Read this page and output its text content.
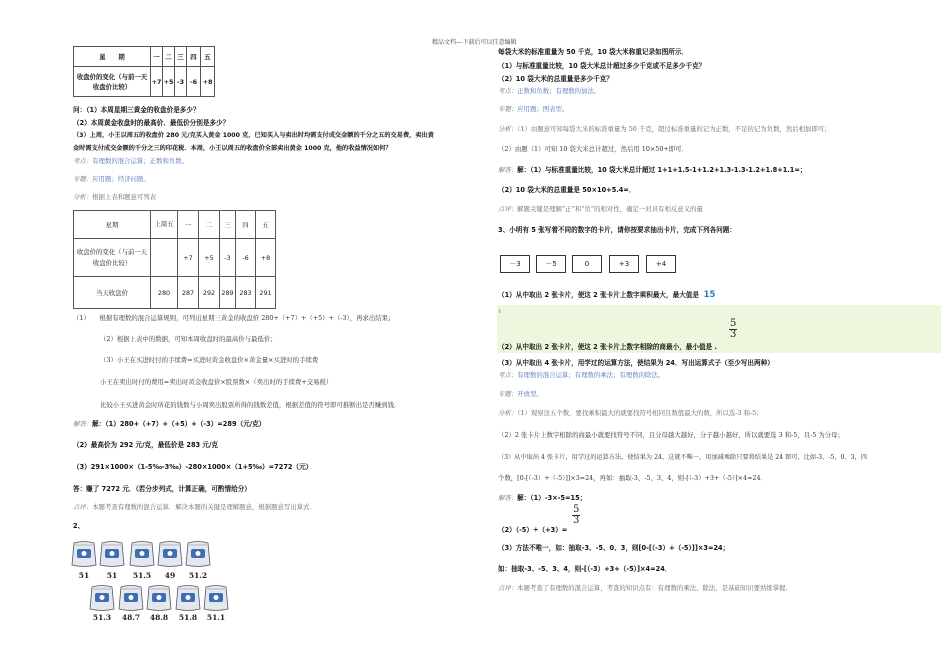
精品文档---下载后可以任意编辑
星　　期	一	二	三	四	五
收盘价的变化（与前一天收盘价比较）	+7	+5	-3	-6	+8
问：（1）本周星期三黄金的收盘价是多少？
（2）本周黄金收盘时的最高价、最低价分别是多少？
（3）上周，小王以周五的收盘价 280 元/克买入黄金 1000 克，已知买入与卖出时均需支付成交金额的千分之五的交易费，卖出黄
金时需支付成交金额的千分之三的印花税．本周，小王以周五的收盘价全部卖出黄金 1000 克，他的收益情况如何？
考点：有理数的混合运算；正数和负数。
专题：应用题；经济问题。
分析：根据上表和题意可列表
星期	上周五	一	二	三	四	五
收盘价的变化（与前一天收盘价比较）		+7	+5	-3	-6	+8
当天收盘价	280	287	292	289	283	291
（1）　　根据有理数的混合运算规则，可列出星期三黄金的收盘价 280+（+7）+（+5）+（-3），再求出结果；
（2）根据上表中的数据，可知本周收盘时的最高价与最低价；
（3）小王在买进时付的手续费=买进时黄金收盘价×黄金量×买进时的手续费
小王在卖出时付的费用=卖出时黄金收盘价×股票数×（卖出时的手续费+交易税）
比较小王买进黄金时所花的钱数与小周卖出股票所得的钱数差值，根据差值的符号即可推断出是否赚到钱．
解答：解：（1）280+（+7）+（+5）+（-3）=289（元/克）
（2）最高价为 292 元/克，最低价是 283 元/克
（3）291×1000×（1-5‰-3‰）-280×1000×（1+5‰）=7272（元）
答：赚了 7272 元．（若分步列式，计算正确，可酌情给分）
点评：本题考查有理数的混合运算．解决本题的关键是理解题意，根据题意写出算式．
2、
51	51	51.5	49	51.2
51.3	48.7	48.8	51.8	51.1
每袋大米的标准重量为 50 千克，10 袋大米称重记录如图所示．
（1）与标准重量比较，10 袋大米总计超过多少千克或不足多少千克？
（2）10 袋大米的总重量是多少千克？
考点：正数和负数；有理数的加法。
专题：应用题；图表型。
分析：（1）由题意可知每袋大米的标准重量为 50 千克，超过标准重量的记为正数，不足的记为负数，然后相加即可；
（2）由题（1）可知 10 袋大米总计超过，然后用 10×50+即可．
解答：解：（1）与标准重量比较，10 袋大米总计超过 1+1+1.5-1+1.2+1.3-1.3-1.2+1.8+1.1=；
（2）10 袋大米的总重量是 50×10+5.4=．
点评：解题关键是理解“正”和“负”的相对性，确定一对具有相反意义的量
3、小明有 5 张写着不同的数字的卡片，请你按要求抽出卡片，完成下列各问题：
－3	－5	0	+3	+4
（1）从中取出 2 张卡片，使这 2 张卡片上数字乘积最大，最大值是 15
ı
$\frac{5}{3}$
（2）从中取出 2 张卡片，使这 2 张卡片上数字相除的商最小，最小值是 .
（3）从中取出 4 张卡片，用学过的运算方法，使结果为 24．写出运算式子（至少写出两种）
考点：有理数的混合运算；有理数的乘法；有理数的除法。
专题：开放型。
分析：（1）观察这五个数，要找乘积最大的就要找符号相同且数值最大的数，所以选-3 和-5；
（2）2 张卡片上数字相除的商最小就要找符号不同，且分母越大越好，分子越小越好，所以就要选 3 和-5，且-5 为分母；
（3）从中取出 4 张卡片，用学过的运算方法，使结果为 24，这就不唯一，用加减乘除只要将结果是 24 即可，比如-3、-5、0、3，四
个数，[0-[（-3）+（-5）]]×3=24，再如：抽取-3、-5、3、4，则-[（-3）+3+（-5）]×4=24．
解答：解：（1）-3×-5=15；
（2）（-5）÷（+3）=
$\frac{5}{3}$
（3）方法不唯一，如：抽取-3、-5、0、3，则[0-[（-3）+（-5）]]×3=24；
如：抽取-3、-5、3、4，则-[（-3）+3+（-5）]×4=24．
点评：本题考查了有理数的混合运算，考查的知识点有：有理数的乘法、除法，是基础知识要熟练掌握．
